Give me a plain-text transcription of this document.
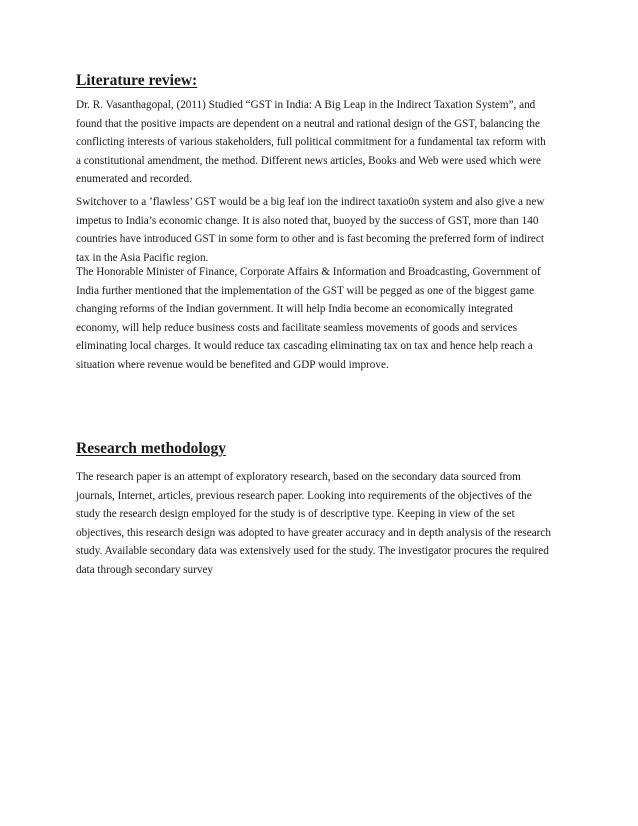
Literature review:

Dr. R. Vasanthagopal, (2011) Studied “GST in India: A Big Leap in the Indirect Taxation System”, and
found that the positive impacts are dependent on a neutral and rational design of the GST, balancing the
conflicting interests of various stakeholders, full political commitment for a fundamental tax reform with
a constitutional amendment, the method. Different news articles, Books and Web were used which were
enumerated and recorded.

Switchover to a ’flawless’ GST would be a big leaf ion the indirect taxatio0n system and also give a new
impetus to India’s economic change. It is also noted that, buoyed by the success of GST, more than 140
countries have introduced GST in some form to other and is fast becoming the preferred form of indirect
tax in the Asia Pacific region.

The Honorable Minister of Finance, Corporate Affairs & Information and Broadcasting, Government of
India further mentioned that the implementation of the GST will be pegged as one of the biggest game
changing reforms of the Indian government. It will help India become an economically integrated
economy, will help reduce business costs and facilitate seamless movements of goods and services
eliminating local charges. It would reduce tax cascading eliminating tax on tax and hence help reach a
situation where revenue would be benefited and GDP would improve.

Research methodology

The research paper is an attempt of exploratory research, based on the secondary data sourced from
journals, Internet, articles, previous research paper. Looking into requirements of the objectives of the
study the research design employed for the study is of descriptive type. Keeping in view of the set
objectives, this research design was adopted to have greater accuracy and in depth analysis of the research
study. Available secondary data was extensively used for the study. The investigator procures the required
data through secondary survey
